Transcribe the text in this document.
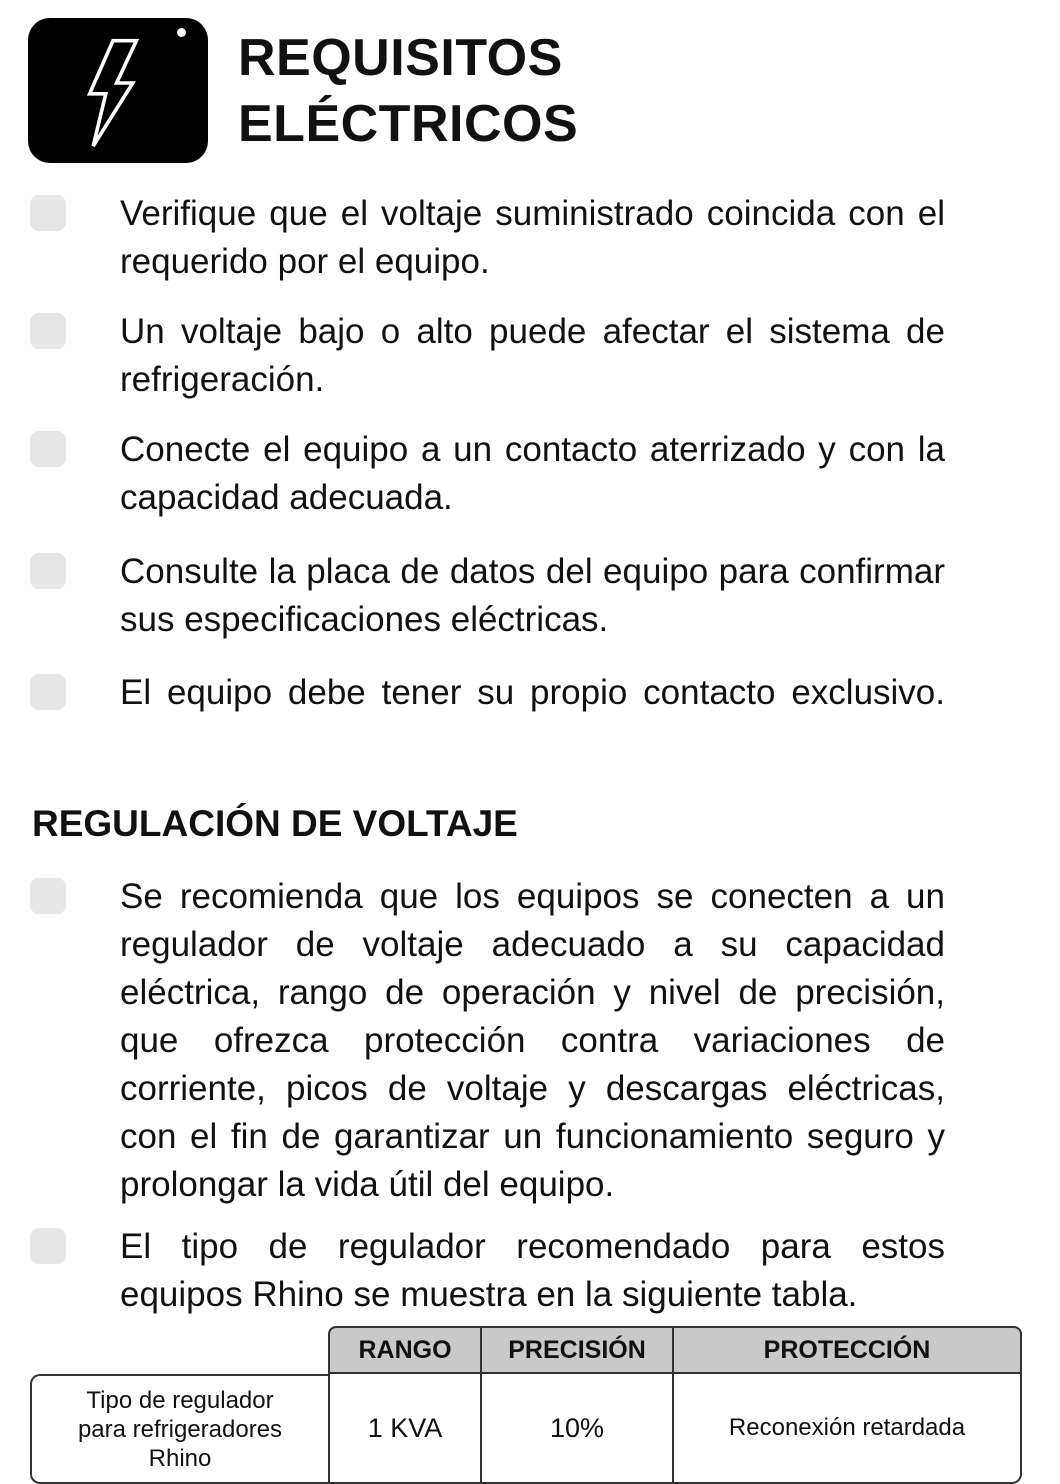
REQUISITOS
ELÉCTRICOS
Verifique que el voltaje suministrado coincida con el requerido por el equipo.
Un voltaje bajo o alto puede afectar el sistema de refrigeración.
Conecte el equipo a un contacto aterrizado y con la capacidad adecuada.
Consulte la placa de datos del equipo para confirmar sus especificaciones eléctricas.
El equipo debe tener su propio contacto exclusivo.
REGULACIÓN DE VOLTAJE
Se recomienda que los equipos se conecten a un regulador de voltaje adecuado a su capacidad eléctrica, rango de operación y nivel de precisión, que ofrezca protección contra variaciones de corriente, picos de voltaje y descargas eléctricas, con el fin de garantizar un funcionamiento seguro y prolongar la vida útil del equipo.
El tipo de regulador recomendado para estos equipos Rhino se muestra en la siguiente tabla.
	RANGO	PRECISIÓN	PROTECCIÓN

Tipo de regulador
para refrigeradores
Rhino	1 KVA	10%	Reconexión retardada
